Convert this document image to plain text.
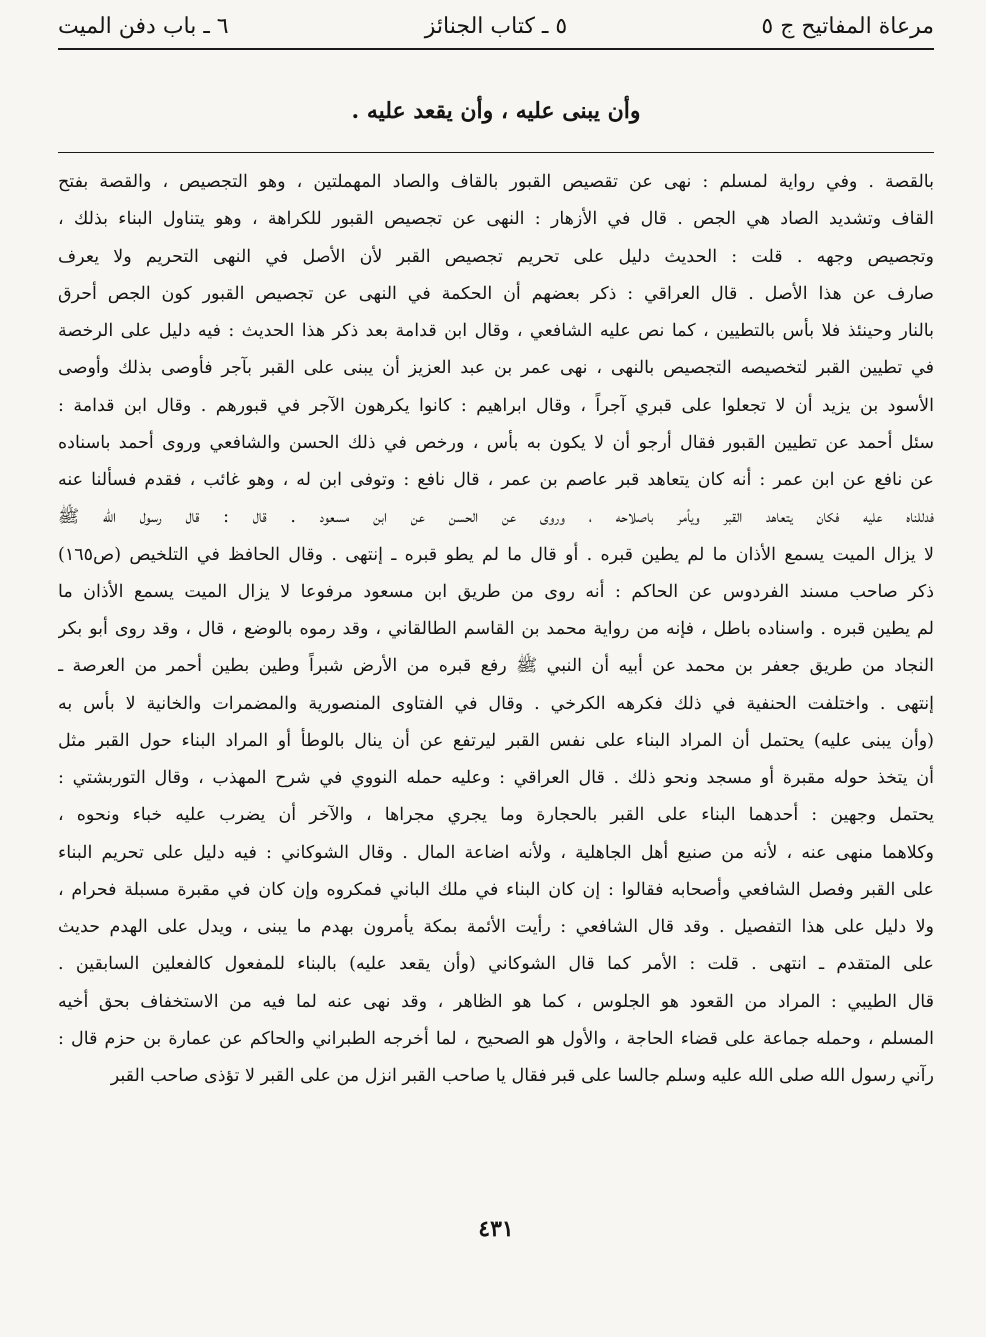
مرعاة المفاتيح ج ٥
٥ ـ كتاب الجنائز
٦ ـ باب دفن الميت
وأن يبنى عليه ، وأن يقعد عليه .
بالقصة . وفي رواية لمسلم : نهى عن تقصيص القبور بالقاف والصاد المهملتين ، وهو التجصيص ، والقصة بفتح
القاف وتشديد الصاد هي الجص . قال في الأزهار : النهى عن تجصيص القبور للكراهة ، وهو يتناول البناء بذلك ،
وتجصيص وجهه . قلت : الحديث دليل على تحريم تجصيص القبر لأن الأصل في النهى التحريم ولا يعرف
صارف عن هذا الأصل . قال العراقي : ذكر بعضهم أن الحكمة في النهى عن تجصيص القبور كون الجص أحرق
بالنار وحينئذ فلا بأس بالتطيين ، كما نص عليه الشافعي ، وقال ابن قدامة بعد ذكر هذا الحديث : فيه دليل على الرخصة
في تطيين القبر لتخصيصه التجصيص بالنهى ، نهى عمر بن عبد العزيز أن يبنى على القبر بآجر فأوصى بذلك وأوصى
الأسود بن يزيد أن لا تجعلوا على قبري آجراً ، وقال ابراهيم : كانوا يكرهون الآجر في قبورهم . وقال ابن قدامة :
سئل أحمد عن تطيين القبور فقال أرجو أن لا يكون به بأس ، ورخص في ذلك الحسن والشافعي وروى أحمد باسناده
عن نافع عن ابن عمر : أنه كان يتعاهد قبر عاصم بن عمر ، قال نافع : وتوفى ابن له ، وهو غائب ، فقدم فسألنا عنه
فدللناه عليه فكان يتعاهد القبر ويأمر باصلاحه ، وروى عن الحسن عن ابن مسعود . قال : قال رسول الله ﷺ
لا يزال الميت يسمع الأذان ما لم يطين قبره . أو قال ما لم يطو قبره ـ إنتهى . وقال الحافظ في التلخيص (ص١٦٥)
ذكر صاحب مسند الفردوس عن الحاكم : أنه روى من طريق ابن مسعود مرفوعا لا يزال الميت يسمع الأذان ما
لم يطين قبره . واسناده باطل ، فإنه من رواية محمد بن القاسم الطالقاني ، وقد رموه بالوضع ، قال ، وقد روى أبو بكر
النجاد من طريق جعفر بن محمد عن أبيه أن النبي ﷺ رفع قبره من الأرض شبراً وطين بطين أحمر من العرصة ـ
إنتهى . واختلفت الحنفية في ذلك فكرهه الكرخي . وقال في الفتاوى المنصورية والمضمرات والخانية لا بأس به
(وأن يبنى عليه) يحتمل أن المراد البناء على نفس القبر ليرتفع عن أن ينال بالوطأ أو المراد البناء حول القبر مثل
أن يتخذ حوله مقبرة أو مسجد ونحو ذلك . قال العراقي : وعليه حمله النووي في شرح المهذب ، وقال التوربشتي :
يحتمل وجهين : أحدهما البناء على القبر بالحجارة وما يجري مجراها ، والآخر أن يضرب عليه خباء ونحوه ،
وكلاهما منهى عنه ، لأنه من صنيع أهل الجاهلية ، ولأنه اضاعة المال . وقال الشوكاني : فيه دليل على تحريم البناء
على القبر وفصل الشافعي وأصحابه فقالوا : إن كان البناء في ملك الباني فمكروه وإن كان في مقبرة مسبلة فحرام ،
ولا دليل على هذا التفصيل . وقد قال الشافعي : رأيت الأئمة بمكة يأمرون بهدم ما يبنى ، ويدل على الهدم حديث
على المتقدم ـ انتهى . قلت : الأمر كما قال الشوكاني (وأن يقعد عليه) بالبناء للمفعول كالفعلين السابقين .
قال الطيبي : المراد من القعود هو الجلوس ، كما هو الظاهر ، وقد نهى عنه لما فيه من الاستخفاف بحق أخيه
المسلم ، وحمله جماعة على قضاء الحاجة ، والأول هو الصحيح ، لما أخرجه الطبراني والحاكم عن عمارة بن حزم قال :
رآني رسول الله صلى الله عليه وسلم جالسا على قبر فقال يا صاحب القبر انزل من على القبر لا تؤذى صاحب القبر
٤٣١
